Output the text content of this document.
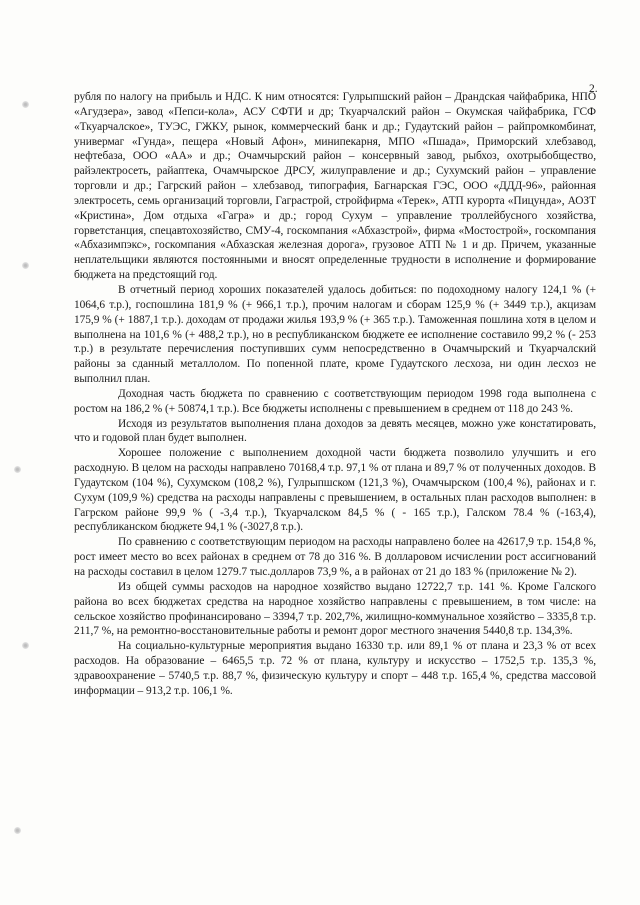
2.

рубля по налогу на прибыль и НДС. К ним относятся: Гулрыпшский район – Драндская чайфабрика, НПО «Агудзера», завод «Пепси-кола», АСУ СФТИ и др; Ткуарчалский район – Окумская чайфабрика, ГСФ «Ткуарчалское», ТУЭС, ГЖКУ, рынок, коммерческий банк и др.; Гудаутский район – райпромкомбинат, универмаг «Гунда», пещера «Новый Афон», минипекарня, МПО «Пшада», Приморский хлебзавод, нефтебаза, ООО «АА» и др.; Очамчырский район – консервный завод, рыбхоз, охотрыбобщество, райэлектросеть, райаптека, Очамчырское ДРСУ, жилуправление и др.; Сухумский район – управление торговли и др.; Гагрский район – хлебзавод, типография, Багнарская ГЭС, ООО «ДДД-96», районная электросеть, семь организаций торговли, Гаграстрой, стройфирма «Терек», АТП курорта «Пицунда», АОЗТ «Кристина», Дом отдыха «Гагра» и др.; город Сухум – управление троллейбусного хозяйства, горветстанция, спецавтохозяйство, СМУ-4, госкомпания «Абхазстрой», фирма «Мостострой», госкомпания «Абхазимпэкс», госкомпания «Абхазская железная дорога», грузовое АТП № 1 и др. Причем, указанные неплательщики являются постоянными и вносят определенные трудности в исполнение и формирование бюджета на предстоящий год.

В отчетный период хороших показателей удалось добиться: по подоходному налогу 124,1 % (+ 1064,6 т.р.), госпошлина 181,9 % (+ 966,1 т.р.), прочим налогам и сборам 125,9 % (+ 3449 т.р.), акцизам 175,9 % (+ 1887,1 т.р.). доходам от продажи жилья 193,9 % (+ 365 т.р.). Таможенная пошлина хотя в целом и выполнена на 101,6 % (+ 488,2 т.р.), но в республиканском бюджете ее исполнение составило 99,2 % (- 253 т.р.) в результате перечисления поступивших сумм непосредственно в Очамчырский и Ткуарчалский районы за сданный металлолом. По попенной плате, кроме Гудаутского лесхоза, ни один лесхоз не выполнил план.

Доходная часть бюджета по сравнению с соответствующим периодом 1998 года выполнена с ростом на 186,2 % (+ 50874,1 т.р.). Все бюджеты исполнены с превышением в среднем от 118 до 243 %.

Исходя из результатов выполнения плана доходов за девять месяцев, можно уже констатировать, что и годовой план будет выполнен.

Хорошее положение с выполнением доходной части бюджета позволило улучшить и его расходную. В целом на расходы направлено 70168,4 т.р. 97,1 % от плана и 89,7 % от полученных доходов. В Гудаутском (104 %), Сухумском (108,2 %), Гулрыпшском (121,3 %), Очамчырском (100,4 %), районах и г. Сухум (109,9 %) средства на расходы направлены с превышением, в остальных план расходов выполнен: в Гагрском районе 99,9 % ( -3,4 т.р.), Ткуарчалском 84,5 % ( - 165 т.р.), Галском 78.4 % (-163,4), республиканском бюджете 94,1 % (-3027,8 т.р.).

По сравнению с соответствующим периодом на расходы направлено более на 42617,9 т.р. 154,8 %, рост имеет место во всех районах в среднем от 78 до 316 %. В долларовом исчислении рост ассигнований на расходы составил в целом 1279.7 тыс.долларов 73,9 %, а в районах от 21 до 183 % (приложение № 2).

Из общей суммы расходов на народное хозяйство выдано 12722,7 т.р. 141 %. Кроме Галского района во всех бюджетах средства на народное хозяйство направлены с превышением, в том числе: на сельское хозяйство профинансировано – 3394,7 т.р. 202,7%, жилищно-коммунальное хозяйство – 3335,8 т.р. 211,7 %, на ремонтно-восстановительные работы и ремонт дорог местного значения 5440,8 т.р. 134,3%.

На социально-культурные мероприятия выдано 16330 т.р. или 89,1 % от плана и 23,3 % от всех расходов. На образование – 6465,5 т.р. 72 % от плана, культуру и искусство – 1752,5 т.р. 135,3 %, здравоохранение – 5740,5 т.р. 88,7 %, физическую культуру и спорт – 448 т.р. 165,4 %, средства массовой информации – 913,2 т.р. 106,1 %.
